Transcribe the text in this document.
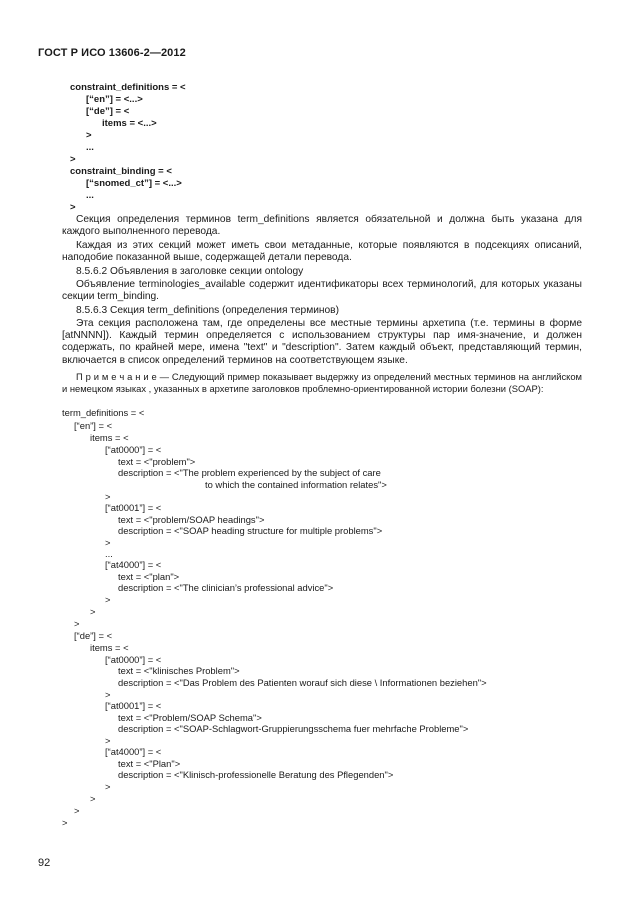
ГОСТ Р ИСО 13606-2—2012
constraint_definitions = <
[“en”] = <...>
[“de”] = <
items = <...>
>
...
>
constraint_binding = <
[“snomed_ct”] = <...>
...
>
Секция определения терминов term_definitions является обязательной и должна быть указана для каждого выполненного перевода.
Каждая из этих секций может иметь свои метаданные, которые появляются в подсекциях описаний, наподобие показанной выше, содержащей детали перевода.
8.5.6.2 Объявления в заголовке секции ontology
Объявление terminologies_available содержит идентификаторы всех терминологий, для которых указаны секции term_binding.
8.5.6.3 Секция term_definitions (определения терминов)
Эта секция расположена там, где определены все местные термины архетипа (т.е. термины в форме [atNNNN]). Каждый термин определяется с использованием структуры пар имя-значение, и должен содержать, по крайней мере, имена "text" и "description". Затем каждый объект, представляющий термин, включается в список определений терминов на соответствующем языке.
П р и м е ч а н и е — Следующий пример показывает выдержку из определений местных терминов на английском и немецком языках , указанных в архетипе заголовков проблемно-ориентированной истории болезни (SOAP):
term_definitions = <
[“en”] = <
items = <
[“at0000”] = <
text = <"problem">
description = <"The problem experienced by the subject of care
to which the contained information relates">
>
[“at0001”] = <
text = <"problem/SOAP headings">
description = <"SOAP heading structure for multiple problems">
>
...
[“at4000”] = <
text = <"plan">
description = <"The clinician’s professional advice">
>
>
>
[“de”] = <
items = <
[“at0000”] = <
text = <"klinisches Problem">
description = <"Das Problem des Patienten worauf sich diese \ Informationen beziehen">
>
[“at0001”] = <
text = <"Problem/SOAP Schema">
description = <"SOAP-Schlagwort-Gruppierungsschema fuer mehrfache Probleme">
>
[“at4000”] = <
text = <"Plan">
description = <"Klinisch-professionelle Beratung des Pflegenden">
>
>
>
>
92
